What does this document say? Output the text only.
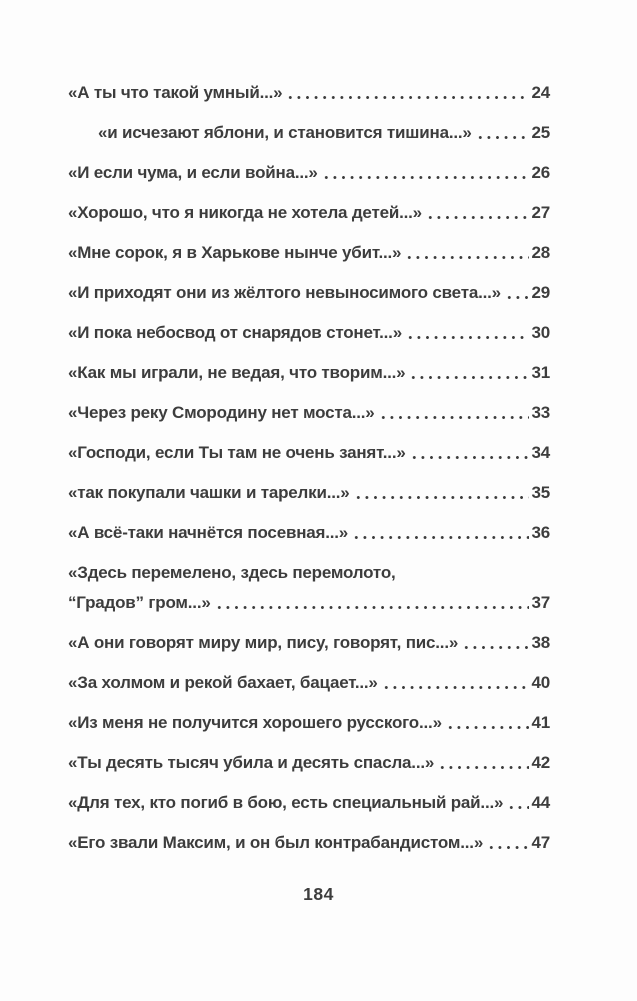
«А ты что такой умный...»	24
«и исчезают яблони, и становится тишина...»	25
«И если чума, и если война...»	26
«Хорошо, что я никогда не хотела детей...»	27
«Мне сорок, я в Харькове нынче убит...»	28
«И приходят они из жёлтого невыносимого света...» 29
«И пока небосвод от снарядов стонет...»	30
«Как мы играли, не ведая, что творим...»	31
«Через реку Смородину нет моста...»	33
«Господи, если Ты там не очень занят...»	34
«так покупали чашки и тарелки...»	35
«А всё-таки начнётся посевная...»	36
«Здесь перемелено, здесь перемолото,
“Градов” гром...»	37
«А они говорят миру мир, пису, говорят, пис...»	38
«За холмом и рекой бахает, бацает...»	40
«Из меня не получится хорошего русского...»	41
«Ты десять тысяч убила и десять спасла...»	42
«Для тех, кто погиб в бою, есть специальный рай...» 44
«Его звали Максим, и он был контрабандистом...»	47
184
